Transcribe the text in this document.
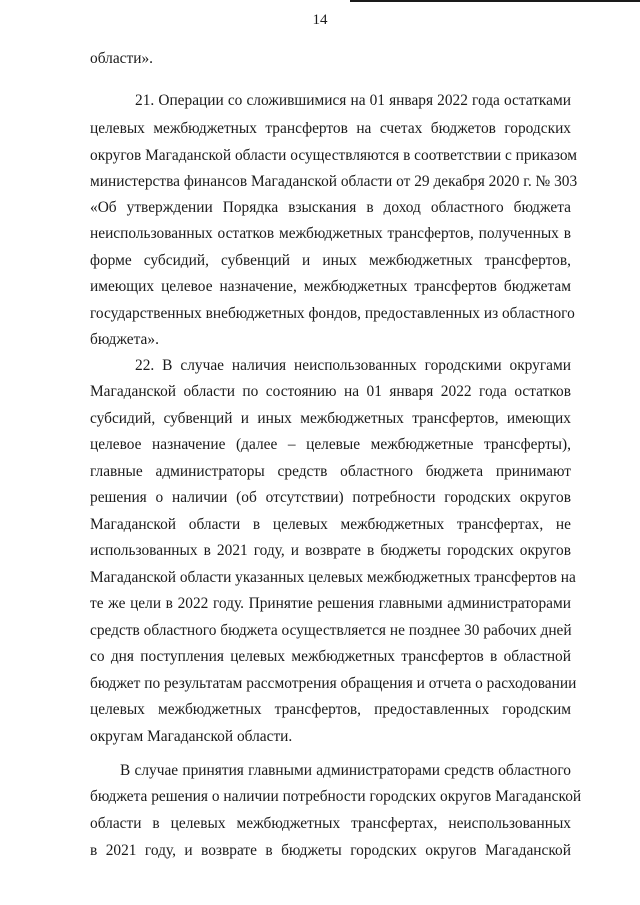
14
области».
21. Операции со сложившимися на 01 января 2022 года остатками
целевых межбюджетных трансфертов на счетах бюджетов городских
округов Магаданской области осуществляются в соответствии с приказом
министерства финансов Магаданской области от 29 декабря 2020 г. № 303
«Об утверждении Порядка взыскания в доход областного бюджета
неиспользованных остатков межбюджетных трансфертов, полученных в
форме субсидий, субвенций и иных межбюджетных трансфертов,
имеющих целевое назначение, межбюджетных трансфертов бюджетам
государственных внебюджетных фондов, предоставленных из областного
бюджета».
22. В случае наличия неиспользованных городскими округами
Магаданской области по состоянию на 01 января 2022 года остатков
субсидий, субвенций и иных межбюджетных трансфертов, имеющих
целевое назначение (далее – целевые межбюджетные трансферты),
главные администраторы средств областного бюджета принимают
решения о наличии (об отсутствии) потребности городских округов
Магаданской области в целевых межбюджетных трансфертах, не
использованных в 2021 году, и возврате в бюджеты городских округов
Магаданской области указанных целевых межбюджетных трансфертов на
те же цели в 2022 году. Принятие решения главными администраторами
средств областного бюджета осуществляется не позднее 30 рабочих дней
со дня поступления целевых межбюджетных трансфертов в областной
бюджет по результатам рассмотрения обращения и отчета о расходовании
целевых межбюджетных трансфертов, предоставленных городским
округам Магаданской области.
В случае принятия главными администраторами средств областного
бюджета решения о наличии потребности городских округов Магаданской
области в целевых межбюджетных трансфертах, неиспользованных
в 2021 году, и возврате в бюджеты городских округов Магаданской
